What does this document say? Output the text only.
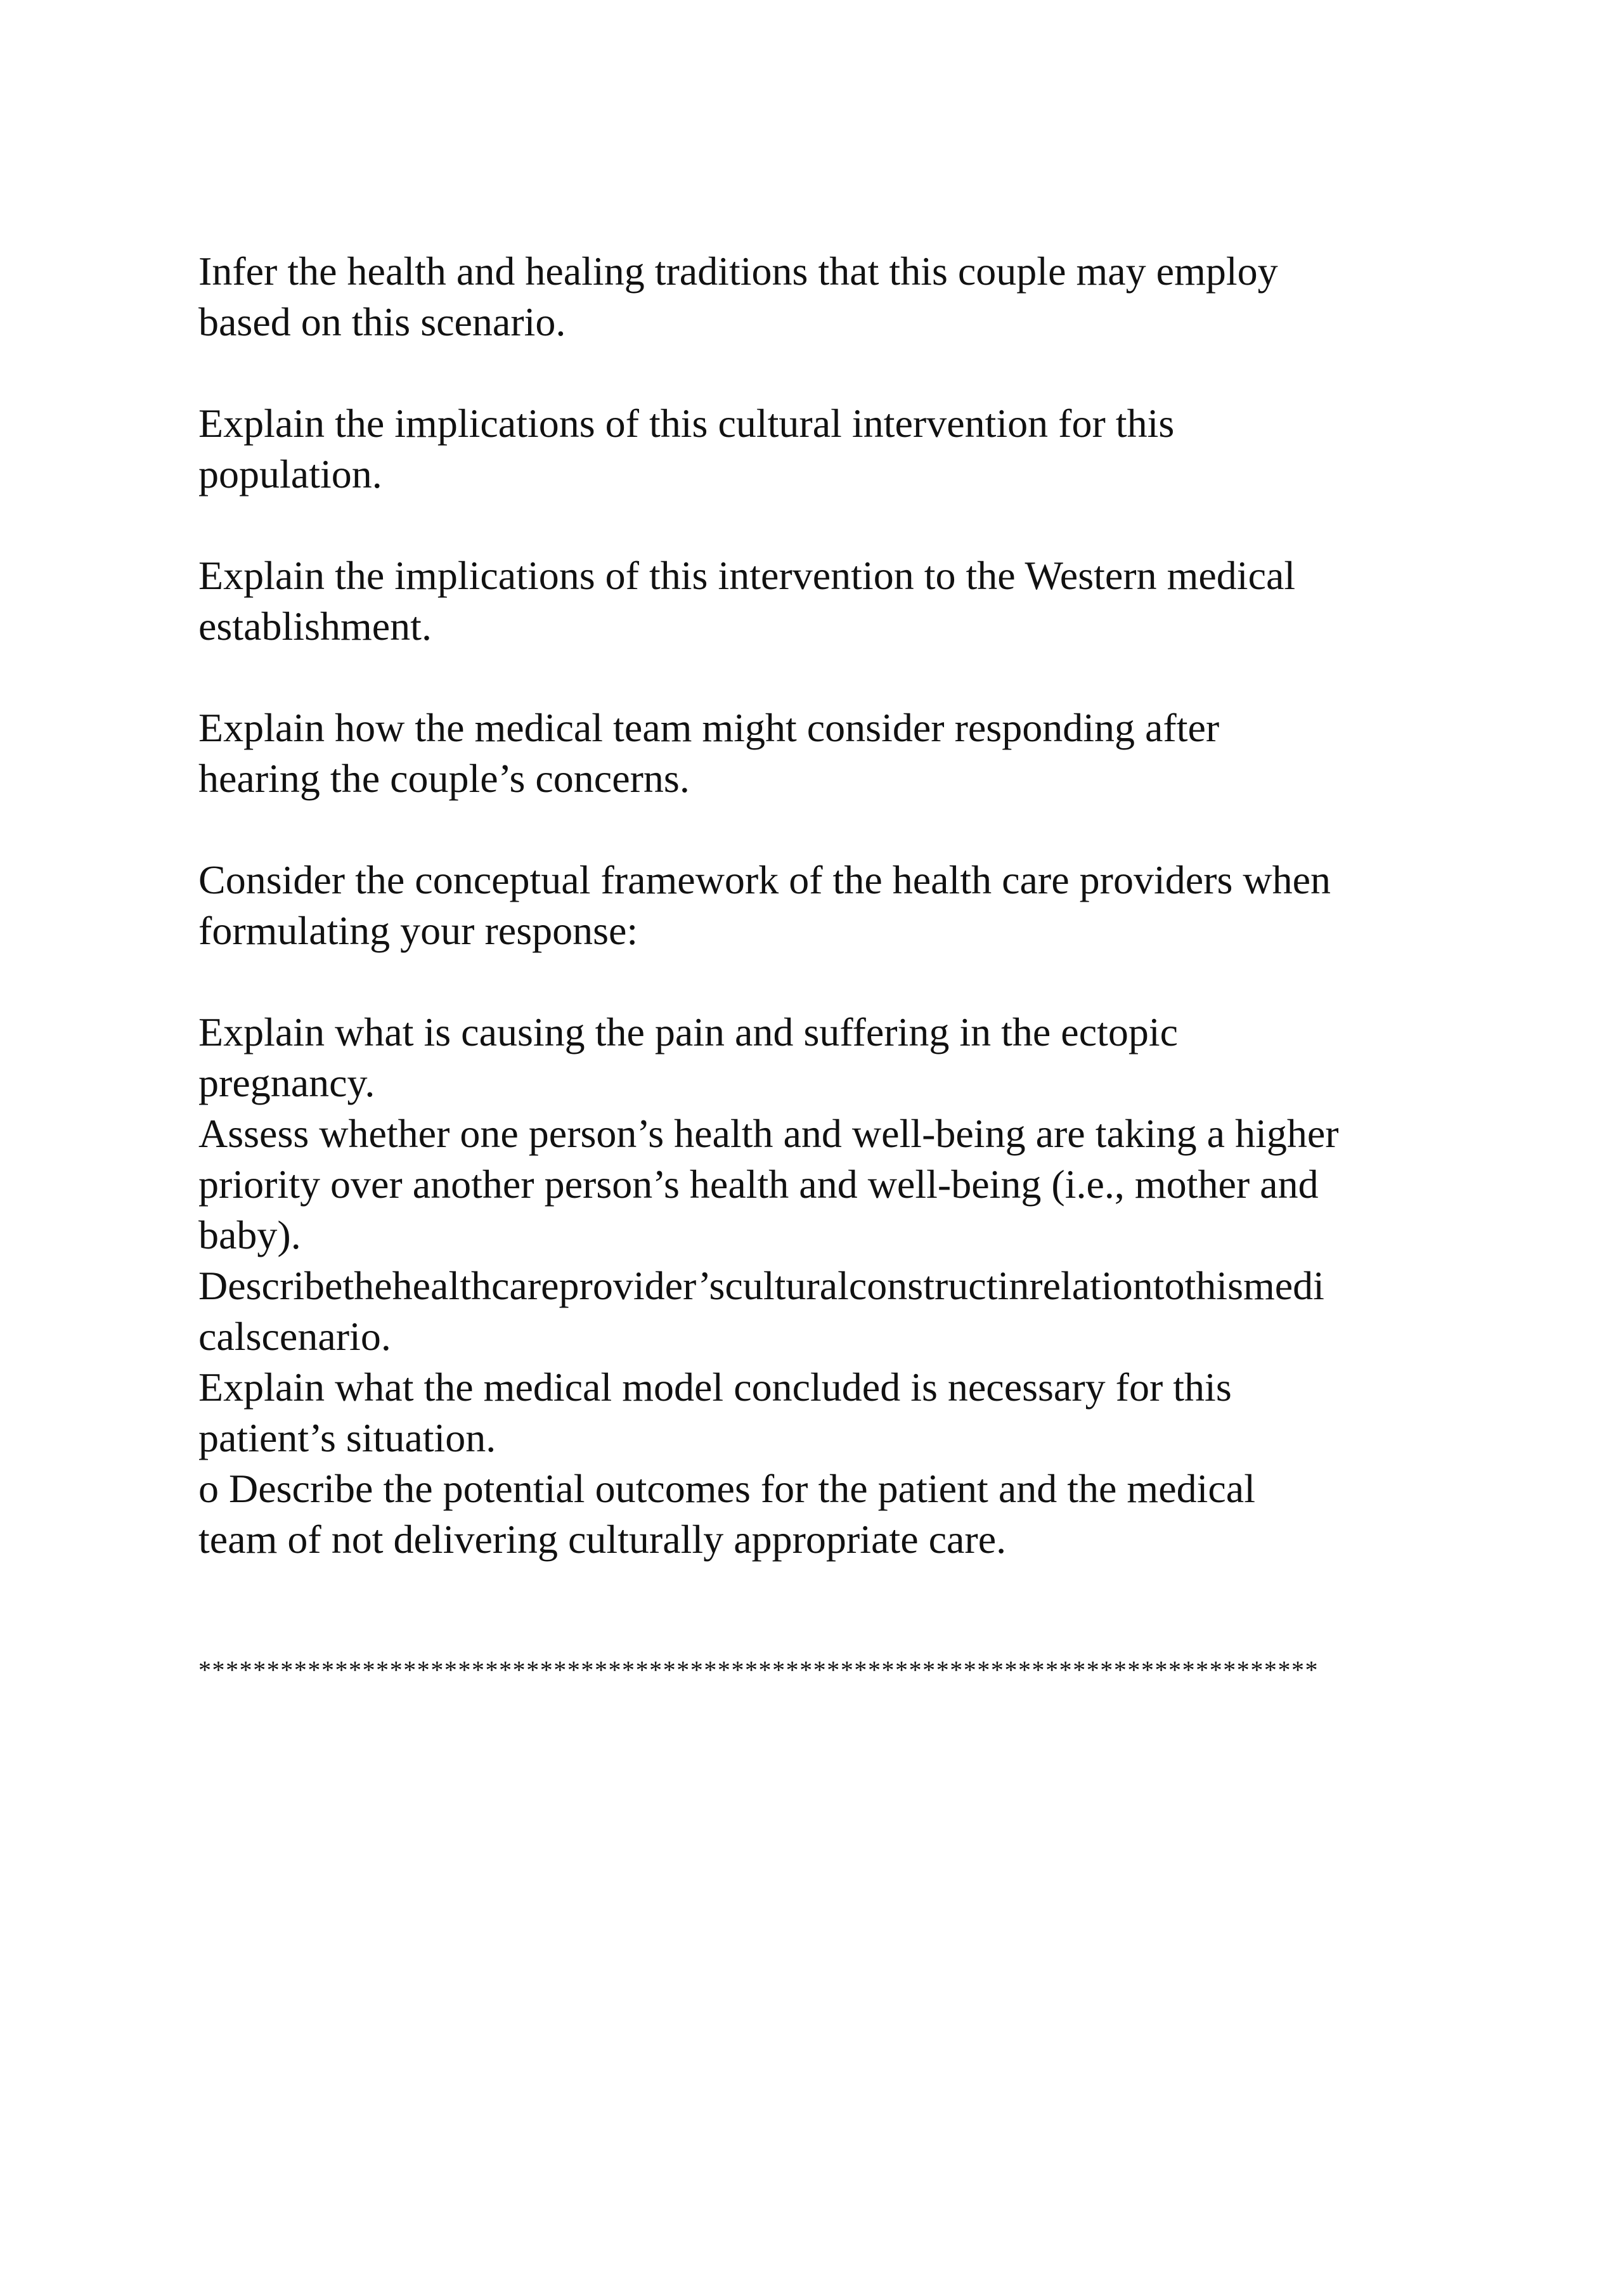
Infer the health and healing traditions that this couple may employ
based on this scenario.
Explain the implications of this cultural intervention for this
population.
Explain the implications of this intervention to the Western medical
establishment.
Explain how the medical team might consider responding after
hearing the couple’s concerns.
Consider the conceptual framework of the health care providers when
formulating your response:
Explain what is causing the pain and suffering in the ectopic
pregnancy.
Assess whether one person’s health and well-being are taking a higher
priority over another person’s health and well-being (i.e., mother and
baby).
Describethehealthcareprovider’sculturalconstructinrelationtothismedi
calscenario.
Explain what the medical model concluded is necessary for this
patient’s situation.
o Describe the potential outcomes for the patient and the medical
team of not delivering culturally appropriate care.
**********************************************************************************
